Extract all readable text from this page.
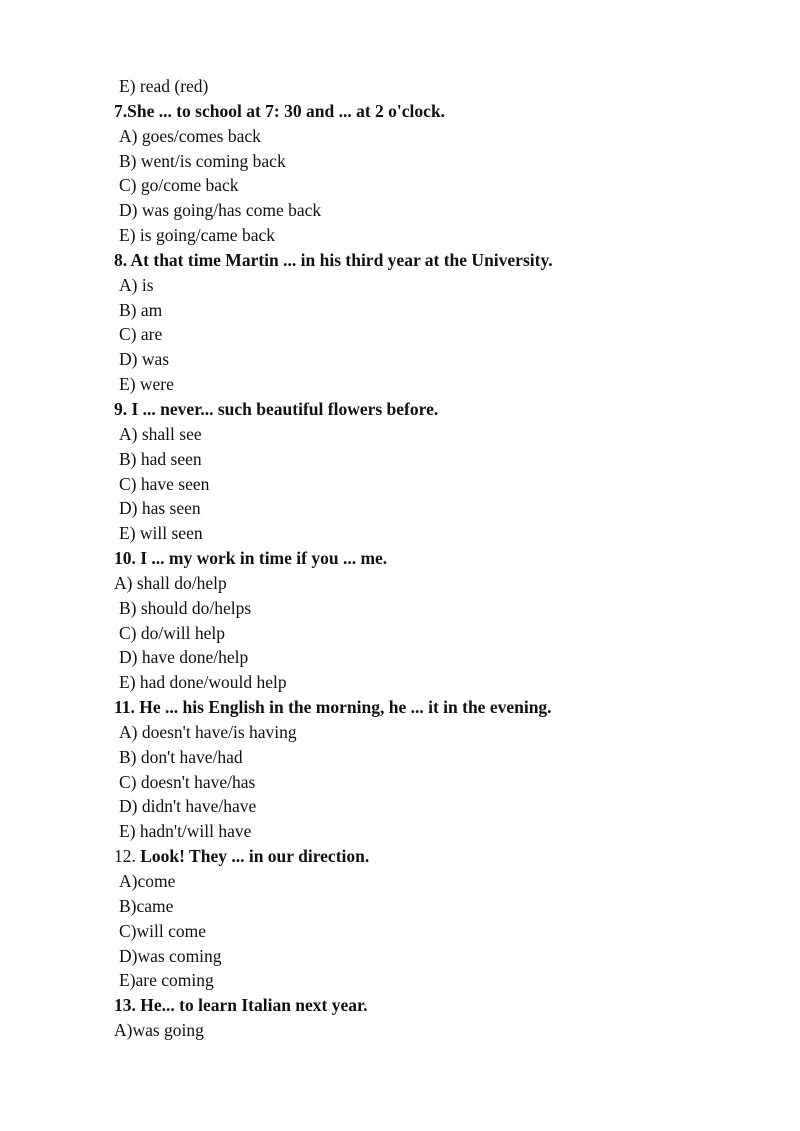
E) read (red)
7.She ... to school at 7: 30 and ... at 2 o'clock.
A) goes/comes back
B) went/is coming back
C) go/come back
D) was going/has come back
E) is going/came back
8. At that time Martin ... in his third year at the University.
A) is
B) am
C) are
D) was
E) were
9. I ... never... such beautiful flowers before.
A) shall see
B) had seen
C) have seen
D) has seen
E) will seen
10. I ... my work in time if you ... me.
A) shall do/help
B) should do/helps
C) do/will help
D) have done/help
E) had done/would help
11. He ... his English in the morning, he ... it in the evening.
A) doesn't have/is having
B) don't have/had
C) doesn't have/has
D) didn't have/have
E) hadn't/will have
12. Look! They ... in our direction.
A)come
B)came
C)will come
D)was coming
E)are coming
13. He... to learn Italian next year.
A)was going
